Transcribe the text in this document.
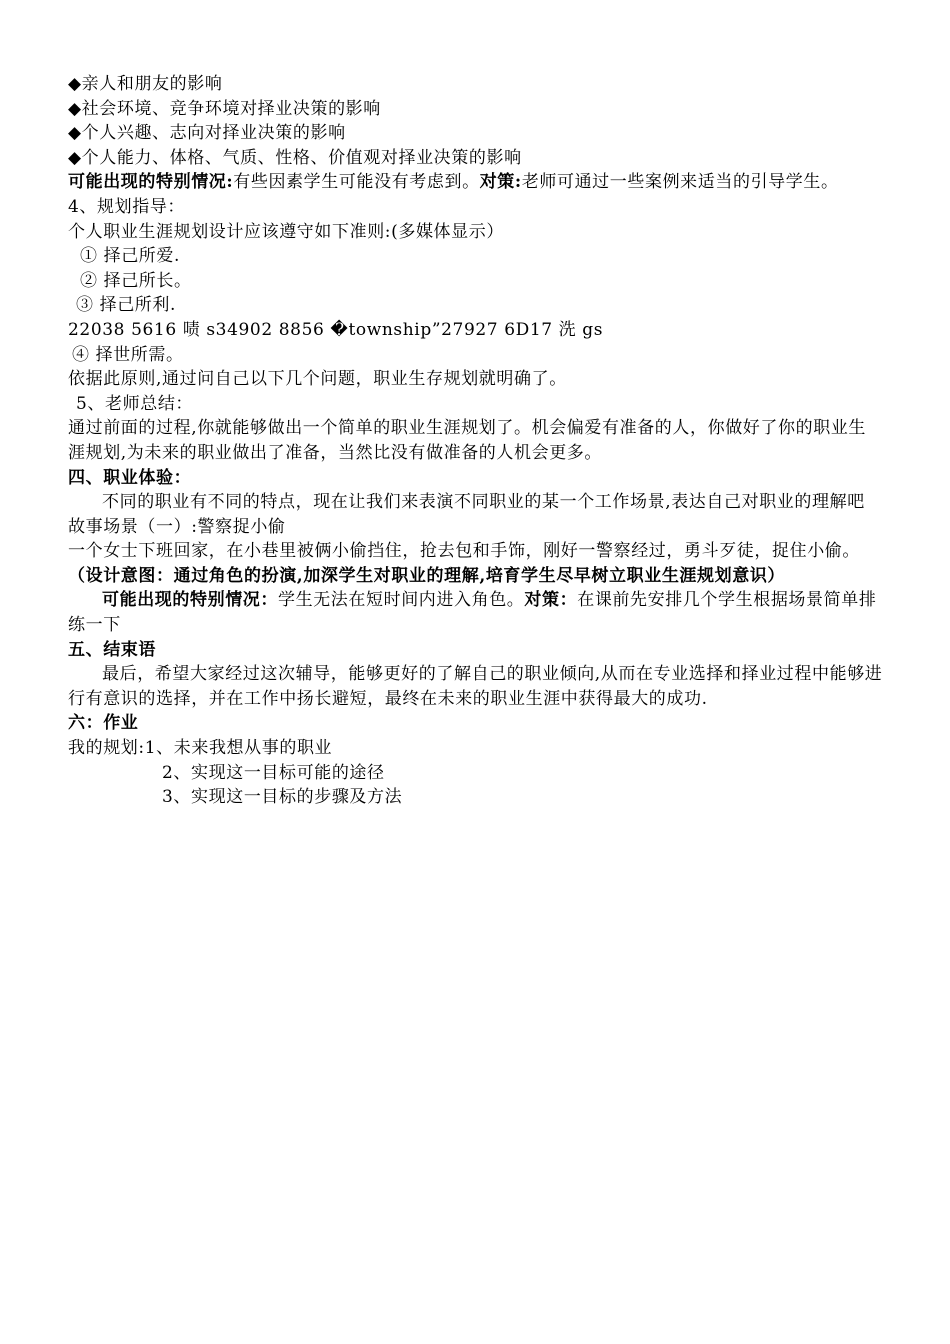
◆亲人和朋友的影响
◆社会环境、竞争环境对择业决策的影响
◆个人兴趣、志向对择业决策的影响
◆个人能力、体格、气质、性格、价值观对择业决策的影响
可能出现的特别情况:有些因素学生可能没有考虑到。对策:老师可通过一些案例来适当的引导学生。
4、规划指导：
个人职业生涯规划设计应该遵守如下准则:(多媒体显示）
① 择己所爱.
② 择己所长。
③ 择己所利.
22038 5616 啧 s34902 8856 �township”27927 6D17 洗 gs
④ 择世所需。
依据此原则,通过问自己以下几个问题，职业生存规划就明确了。
5、老师总结：
通过前面的过程,你就能够做出一个简单的职业生涯规划了。机会偏爱有准备的人，你做好了你的职业生涯规划,为未来的职业做出了准备，当然比没有做准备的人机会更多。
四、职业体验：
不同的职业有不同的特点，现在让我们来表演不同职业的某一个工作场景,表达自己对职业的理解吧
故事场景（一）:警察捉小偷
一个女士下班回家，在小巷里被俩小偷挡住，抢去包和手饰，刚好一警察经过，勇斗歹徒，捉住小偷。
（设计意图：通过角色的扮演,加深学生对职业的理解,培育学生尽早树立职业生涯规划意识）
可能出现的特别情况：学生无法在短时间内进入角色。对策：在课前先安排几个学生根据场景简单排练一下
五、结束语
最后，希望大家经过这次辅导，能够更好的了解自己的职业倾向,从而在专业选择和择业过程中能够进行有意识的选择，并在工作中扬长避短，最终在未来的职业生涯中获得最大的成功.
六：作业
我的规划:1、未来我想从事的职业
2、实现这一目标可能的途径
3、实现这一目标的步骤及方法
